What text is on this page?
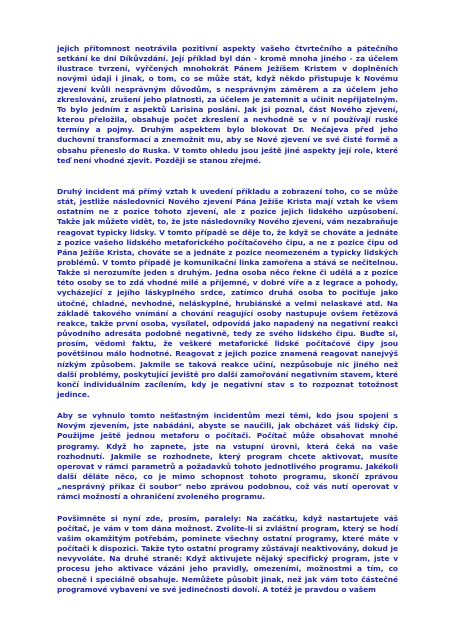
jejich přítomnost neotrávila pozitivní aspekty vašeho čtvrtečního a pátečního setkání ke dni Díkůvzdání. Její příklad byl dán - kromě mnoha jiného - za účelem ilustrace tvrzení, vyřčených mnohokrát Pánem Ježíšem Kristem v doplněních novými údaji i jinak, o tom, co se může stát, když někdo přistupuje k Novému zjevení kvůli nesprávným důvodům, s nesprávným záměrem a za účelem jeho zkreslování, zrušení jeho platnosti, za účelem je zatemnit a učinit nepřijatelným. To bylo jedním z aspektů Larisina poslání. Jak jsi poznal, část Nového zjevení, kterou přeložila, obsahuje počet zkreslení a nevhodně se v ní používají ruské termíny a pojmy. Druhým aspektem bylo blokovat Dr. Nečajeva před jeho duchovní transformací a znemožnit mu, aby se Nové zjevení ve své čisté formě a obsahu přeneslo do Ruska. V tomto ohledu jsou ještě jiné aspekty její role, které teď není vhodné zjevit. Později se stanou zřejmé.

Druhý incident má přímý vztah k uvedení příkladu a zobrazení toho, co se může stát, jestliže následovníci Nového zjevení Pána Ježíše Krista mají vztah ke všem ostatním ne z pozice tohoto zjevení, ale z pozice jejich lidského uzpůsobení. Takže jak můžete vidět, to, že jste následovníky Nového zjevení, vám nezabraňuje reagovat typicky lidsky. V tomto případě se děje to, že když se chováte a jednáte z pozice vašeho lidského metaforického počítačového čipu, a ne z pozice čipu od Pána Ježíše Krista, chováte se a jednáte z pozice neomezeném a typicky lidských problémů. V tomto případě je komunikační linka zamořena a stává se nečitelnou. Takže si nerozumíte jeden s druhým. Jedna osoba něco řekne či udělá a z pozice této osoby se to zdá vhodné milé a příjemné, v dobré víře a z legrace a pohody, vycházející z jejího láskyplného srdce, zatímco druhá osoba to pociťuje jako útočné, chladné, nevhodné, neláskyplné, hrubiánské a velmi nelaskavé atd. Na základě takového vnímání a chování reagující osoby nastupuje ovšem řetězová reakce, takže první osoba, vysílatel, odpovídá jako napadený na negativní reakci původního adresáta podobně negativně, tedy ze svého lidského čipu. Buďte si, prosím, vědomi faktu, že veškeré metaforické lidské počítačové čipy jsou povětšinou málo hodnotné. Reagovat z jejich pozice znamená reagovat nanejvýš nízkým způsobem. Jakmile se taková reakce učiní, nezpůsobuje nic jiného než další problémy, poskytující jeviště pro další zamořování negativním stavem, které končí individuálním zacílením, kdy je negativní stav s to rozpoznat totožnost jedince.

Aby se vyhnulo tomto nešťastným incidentům mezi těmi, kdo jsou spojeni s Novým zjevením, jste nabádáni, abyste se naučili, jak obcházet váš lidský čip. Použijme ještě jednou metaforu o počítači. Počítač může obsahovat mnohé programy. Když ho zapnete, jste na vstupní úrovni, která čeká na vaše rozhodnutí. Jakmile se rozhodnete, který program chcete aktivovat, musíte operovat v rámci parametrů a požadavků tohoto jednotlivého programu. Jakékoli další děláte něco, co je mimo schopnost tohoto programu, skončí zprávou „nesprávný příkaz či soubor" nebo zprávou podobnou, což vás nutí operovat v rámci možností a ohraničení zvoleného programu.

Povšimněte si nyní zde, prosím, paralely: Na začátku, když nastartujete váš počítač, je vám v tom dána možnost. Zvolite-li si zvláštní program, který se hodí vašim okamžitým potřebám, pominete všechny ostatní programy, které máte v počítači k dispozici. Takže tyto ostatní programy zůstávají neaktivovány, dokud je nevyvoláte. Na druhé straně: Když aktivujete nějaký specifický program, jste v procesu jeho aktivace vázáni jeho pravidly, omezeními, možnostmi a tím, co obecně i speciálně obsahuje. Nemůžete působit jinak, než jak vám toto částečné programové vybavení ve své jedinečnosti dovolí. A totéž je pravdou o vašem
